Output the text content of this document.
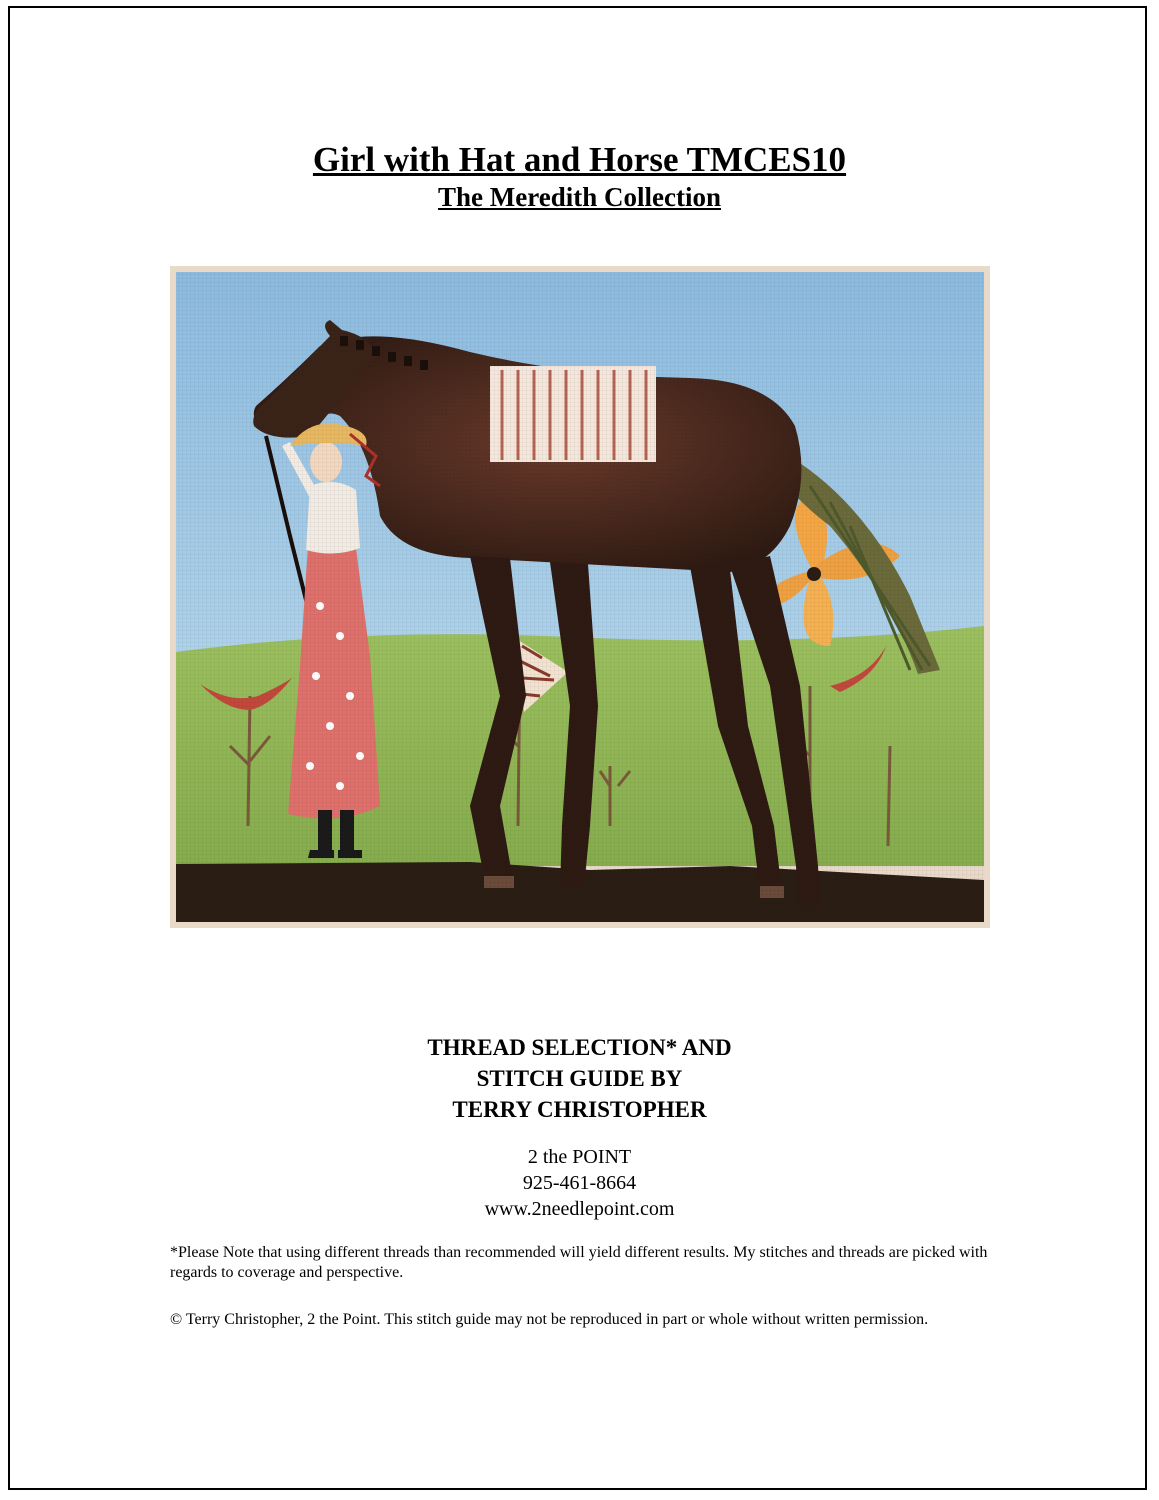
Girl with Hat and Horse TMCES10
The Meredith Collection
THREAD SELECTION* AND
STITCH GUIDE BY
TERRY CHRISTOPHER
2 the POINT
925-461-8664
www.2needlepoint.com

*Please Note that using different threads than recommended will yield different results. My stitches and threads are picked with regards to coverage and perspective.

© Terry Christopher, 2 the Point. This stitch guide may not be reproduced in part or whole without written permission.
